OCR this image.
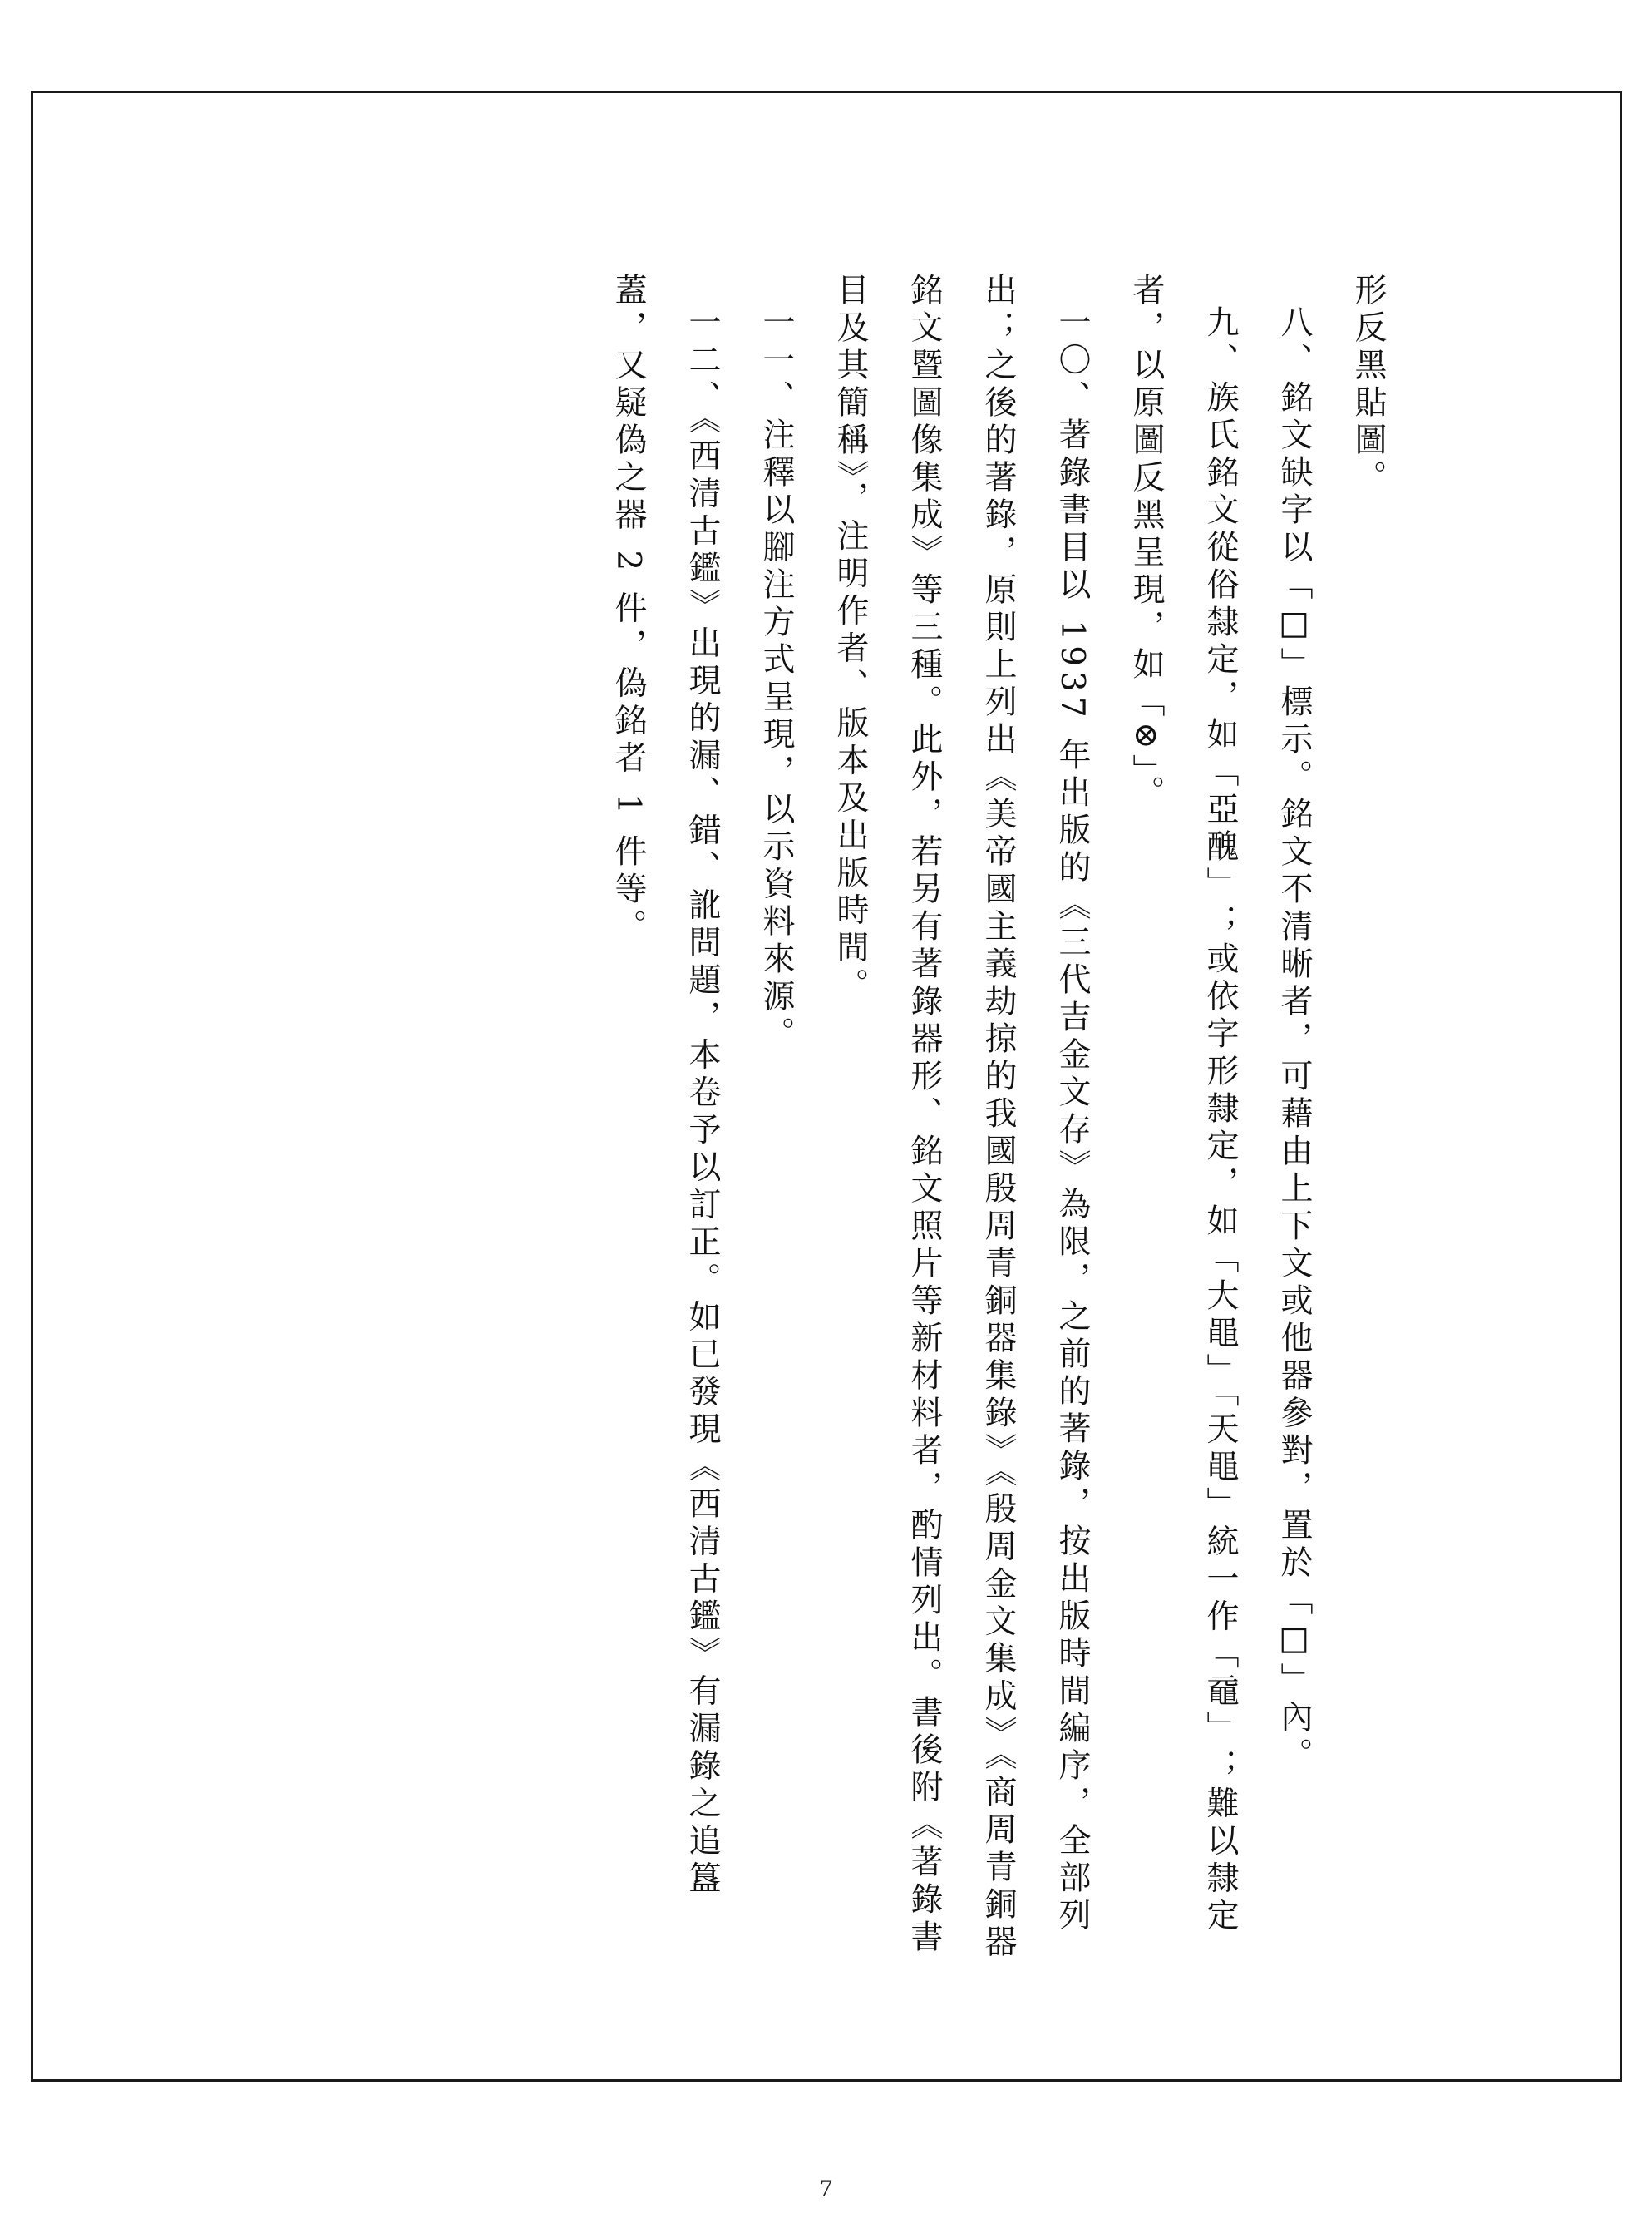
形反黑貼圖。

八、銘文缺字以「□」標示。銘文不清晰者，可藉由上下文或他器參對，置於「□」內。

九、族氏銘文從俗隸定，如「亞醜」；或依字形隸定，如「大黽」「天黽」統一作「黿」；難以隸定者，以原圖反黑呈現，如「⊗」。

一〇、著錄書目以 1937 年出版的《三代吉金文存》為限，之前的著錄，按出版時間編序，全部列出；之後的著錄，原則上列出《美帝國主義劫掠的我國殷周青銅器集錄》《殷周金文集成》《商周青銅器銘文暨圖像集成》等三種。此外，若另有著錄器形、銘文照片等新材料者，酌情列出。書後附《著錄書目及其簡稱》，注明作者、版本及出版時間。

一一、注釋以腳注方式呈現，以示資料來源。

一二、《西清古鑑》出現的漏、錯、訛問題，本卷予以訂正。如已發現《西清古鑑》有漏錄之追簋蓋，又疑偽之器 2 件，偽銘者 1 件等。

7
